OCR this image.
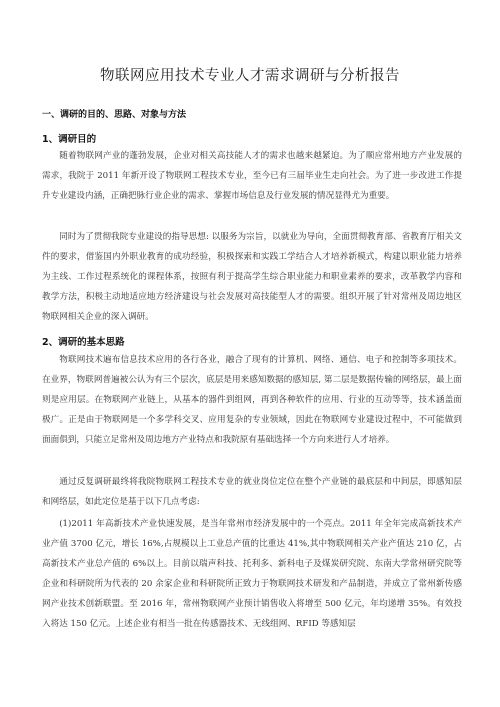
物联网应用技术专业人才需求调研与分析报告
一、调研的目的、思路、对象与方法
1、调研目的
随着物联网产业的蓬勃发展，企业对相关高技能人才的需求也越来越紧迫。为了顺应常州地方产业发展的需求，我院于 2011 年新开设了物联网工程技术专业，至今已有三届毕业生走向社会。为了进一步改进工作提升专业建设内涵，正确把脉行业企业的需求、掌握市场信息及行业发展的情况显得尤为重要。
同时为了贯彻我院专业建设的指导思想: 以服务为宗旨，以就业为导向，全面贯彻教育部、省教育厅相关文件的要求，借鉴国内外职业教育的成功经验，积极探索和实践工学结合人才培养新模式，构建以职业能力培养为主线、工作过程系统化的课程体系，按照有利于提高学生综合职业能力和职业素养的要求，改革教学内容和教学方法，积极主动地适应地方经济建设与社会发展对高技能型人才的需要。组织开展了针对常州及周边地区物联网相关企业的深入调研。
2、调研的基本思路
物联网技术遍布信息技术应用的各行各业，融合了现有的计算机、网络、通信、电子和控制等多项技术。在业界，物联网普遍被公认为有三个层次，底层是用来感知数据的感知层, 第二层是数据传输的网络层，最上面则是应用层。在物联网产业链上，从基本的器件到组网，再到各种软件的应用、行业的互动等等，技术涵盖面极广。正是由于物联网是一个多学科交叉、应用复杂的专业领域，因此在物联网专业建设过程中，不可能做到面面俱到，只能立足常州及周边地方产业特点和我院原有基础选择一个方向来进行人才培养。
通过反复调研最终将我院物联网工程技术专业的就业岗位定位在整个产业链的最底层和中间层，即感知层和网络层，如此定位是基于以下几点考虑:
(1)2011 年高新技术产业快速发展，是当年常州市经济发展中的一个亮点。2011 年全年完成高新技术产业产值 3700 亿元，增长 16%,占规模以上工业总产值的比重达 41%,其中物联网相关产业产值达 210 亿，占高新技术产业总产值的 6%以上。目前以瑞声科技、托利多、新科电子及煤炭研究院、东南大学常州研究院等企业和科研院所为代表的 20 余家企业和科研院所正致力于物联网技术研发和产品制造，并成立了常州新传感网产业技术创新联盟。至 2016 年，常州物联网产业预计销售收入将增至 500 亿元，年均递增 35%。有效投入将达 150 亿元。上述企业有相当一批在传感器技术、无线组网、RFID 等感知层
